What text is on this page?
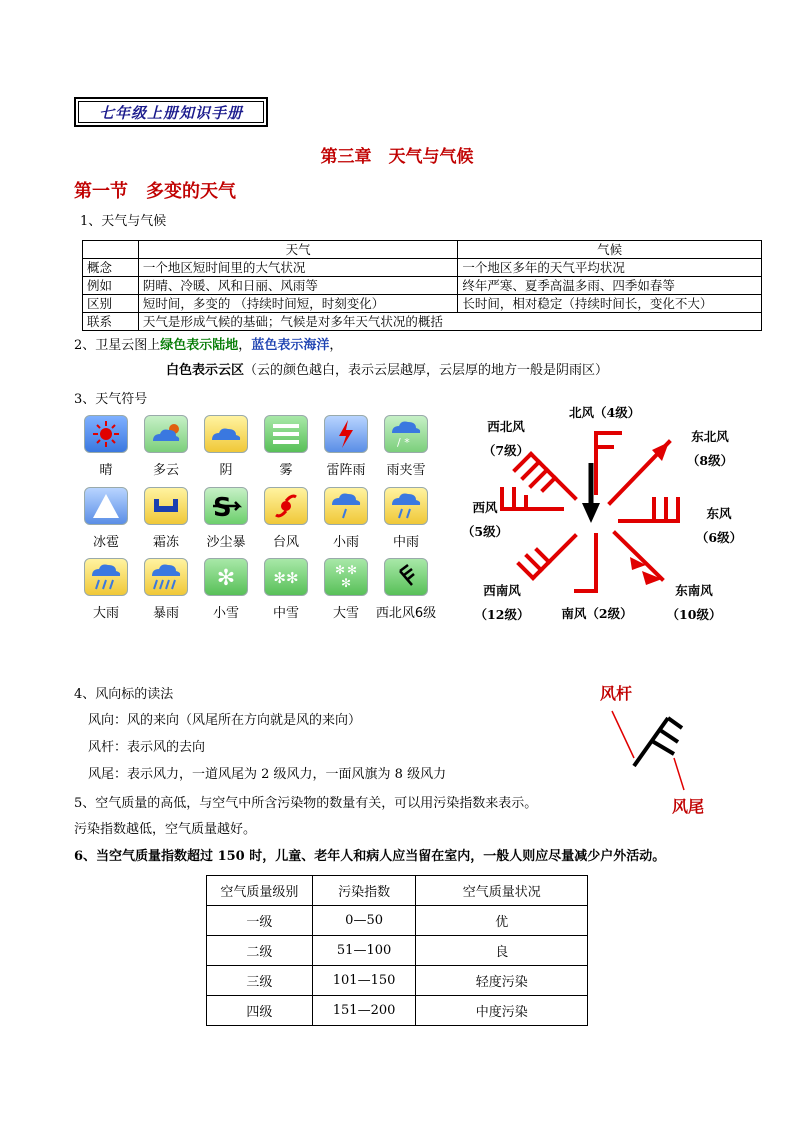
七年级上册知识手册
第三章　天气与气候
第一节　多变的天气
1、天气与气候
	天气	气候
概念	一个地区短时间里的大气状况	一个地区多年的天气平均状况
例如	阴晴、冷暖、风和日丽、风雨等	终年严寒、夏季高温多雨、四季如春等
区别	短时间，多变的 （持续时间短，时刻变化）	长时间，相对稳定（持续时间长，变化不大）
联系	天气是形成气候的基础；气候是对多年天气状况的概括	
2、卫星云图上绿色表示陆地，蓝色表示海洋，
白色表示云区（云的颜色越白，表示云层越厚，云层厚的地方一般是阴雨区）
3、天气符号
晴	多云	阴	雾	雷阵雨
/ *
雨夹雪
冰雹	霜冻
S
沙尘暴	台风	小雨	中雨
大雨	暴雨
✻
小雪
✻✻
中雪
✻ ✻
✻
大雪	西北风6级
北风（4级）
西北风
（7级）
东北风
（8级）
西风
（5级）
东风
（6级）
西南风
（12级）	南风（2级）
东南风
（10级）
4、风向标的读法
风向：风的来向（风尾所在方向就是风的来向）
风杆：表示风的去向
风尾：表示风力，一道风尾为 2 级风力，一面风旗为 8 级风力
风杆
风尾
5、空气质量的高低，与空气中所含污染物的数量有关，可以用污染指数来表示。
污染指数越低，空气质量越好。
6、当空气质量指数超过 150 时，儿童、老年人和病人应当留在室内，一般人则应尽量减少户外活动。
空气质量级别	污染指数	空气质量状况
一级	0—50	优
二级	51—100	良
三级	101—150	轻度污染
四级	151—200	中度污染
